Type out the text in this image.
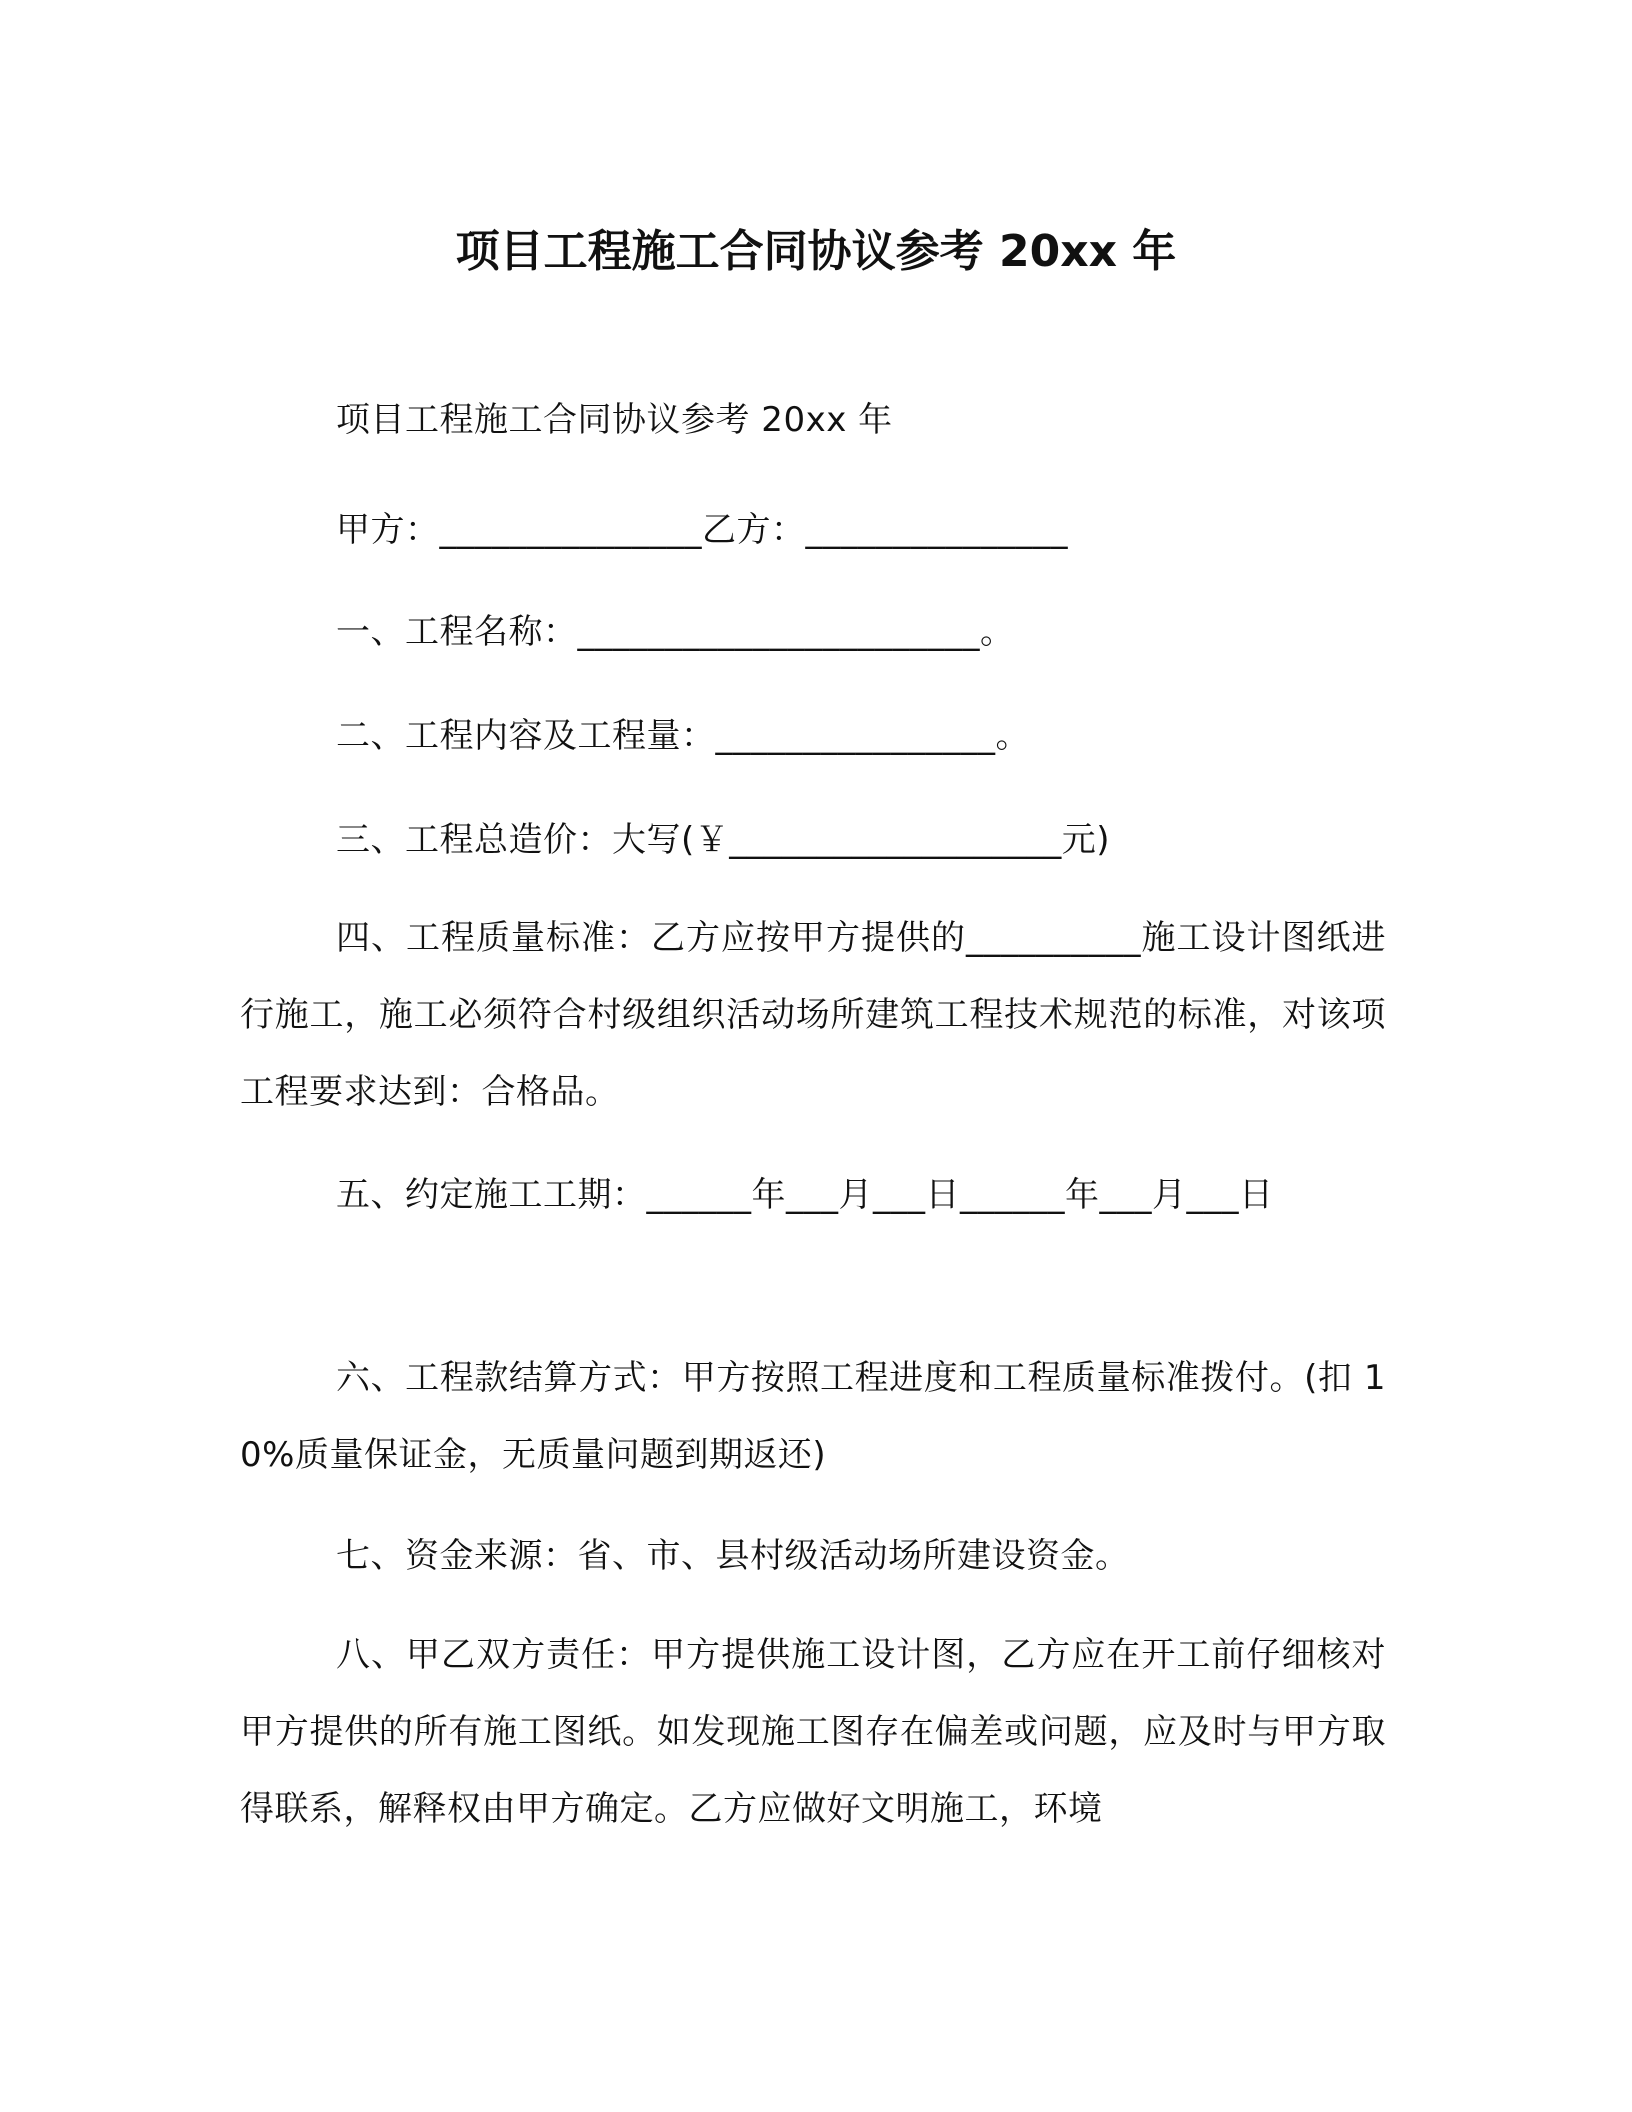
项目工程施工合同协议参考 20xx 年
项目工程施工合同协议参考 20xx 年
甲方：_______________乙方：_______________
一、工程名称：_______________________。
二、工程内容及工程量：________________。
三、工程总造价：大写(￥___________________元)
四、工程质量标准：乙方应按甲方提供的__________施工设计图纸进行施工，施工必须符合村级组织活动场所建筑工程技术规范的标准，对该项工程要求达到：合格品。
五、约定施工工期：______年___月___日______年___月___日
六、工程款结算方式：甲方按照工程进度和工程质量标准拨付。(扣 10%质量保证金，无质量问题到期返还)
七、资金来源：省、市、县村级活动场所建设资金。
八、甲乙双方责任：甲方提供施工设计图，乙方应在开工前仔细核对甲方提供的所有施工图纸。如发现施工图存在偏差或问题，应及时与甲方取得联系，解释权由甲方确定。乙方应做好文明施工，环境
